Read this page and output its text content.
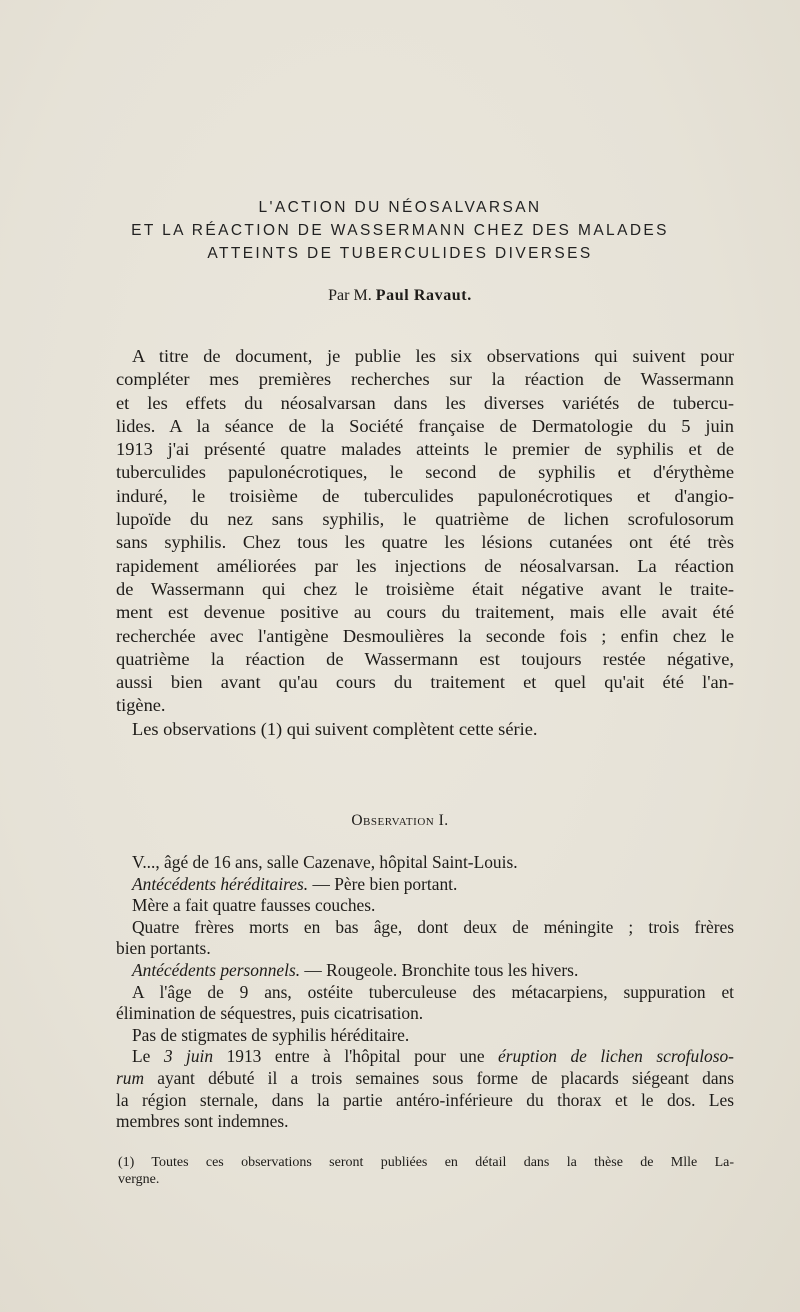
L'ACTION DU NÉOSALVARSAN
ET LA RÉACTION DE WASSERMANN CHEZ DES MALADES
ATTEINTS DE TUBERCULIDES DIVERSES
Par M. Paul Ravaut.
A titre de document, je publie les six observations qui suivent pour
compléter mes premières recherches sur la réaction de Wassermann
et les effets du néosalvarsan dans les diverses variétés de tubercu-
lides. A la séance de la Société française de Dermatologie du 5 juin
1913 j'ai présenté quatre malades atteints le premier de syphilis et de
tuberculides papulonécrotiques, le second de syphilis et d'érythème
induré, le troisième de tuberculides papulonécrotiques et d'angio-
lupoïde du nez sans syphilis, le quatrième de lichen scrofulosorum
sans syphilis. Chez tous les quatre les lésions cutanées ont été très
rapidement améliorées par les injections de néosalvarsan. La réaction
de Wassermann qui chez le troisième était négative avant le traite-
ment est devenue positive au cours du traitement, mais elle avait été
recherchée avec l'antigène Desmoulières la seconde fois ; enfin chez le
quatrième la réaction de Wassermann est toujours restée négative,
aussi bien avant qu'au cours du traitement et quel qu'ait été l'an-
tigène.
Les observations (1) qui suivent complètent cette série.
Observation I.
V..., âgé de 16 ans, salle Cazenave, hôpital Saint-Louis.
Antécédents héréditaires. — Père bien portant.
Mère a fait quatre fausses couches.
Quatre frères morts en bas âge, dont deux de méningite ; trois frères
bien portants.
Antécédents personnels. — Rougeole. Bronchite tous les hivers.
A l'âge de 9 ans, ostéite tuberculeuse des métacarpiens, suppuration et
élimination de séquestres, puis cicatrisation.
Pas de stigmates de syphilis héréditaire.
Le 3 juin 1913 entre à l'hôpital pour une éruption de lichen scrofuloso-
rum ayant débuté il a trois semaines sous forme de placards siégeant dans
la région sternale, dans la partie antéro-inférieure du thorax et le dos. Les
membres sont indemnes.
(1) Toutes ces observations seront publiées en détail dans la thèse de Mlle La-
vergne.
